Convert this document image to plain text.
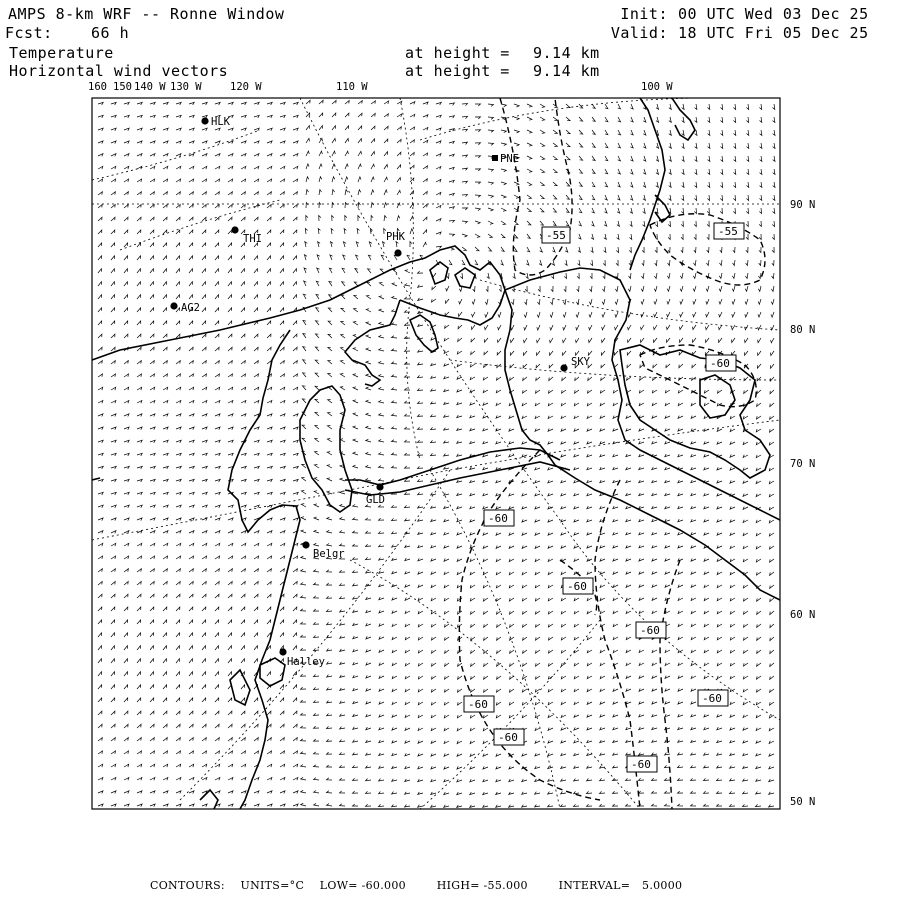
AMPS 8-km WRF -- Ronne Window
Fcst:	66 h
Init: 00 UTC Wed 03 Dec 25
Valid: 18 UTC Fri 05 Dec 25
Temperature
Horizontal wind vectors
at height = 9.14 km
at height = 9.14 km
160 150 140 W 130 W	120 W	110 W	100 W
90 N
80 N
70 N
60 N
50 N
HLK
PNE
THI	PHK
AG2
SKY
GLD
Belgr
Halley
-55	-55
-60
-60
-60
-60
-60
-60
-60
-60
CONTOURS: UNITS=°C LOW= -60.000	HIGH= -55.000	INTERVAL= 5.0000
